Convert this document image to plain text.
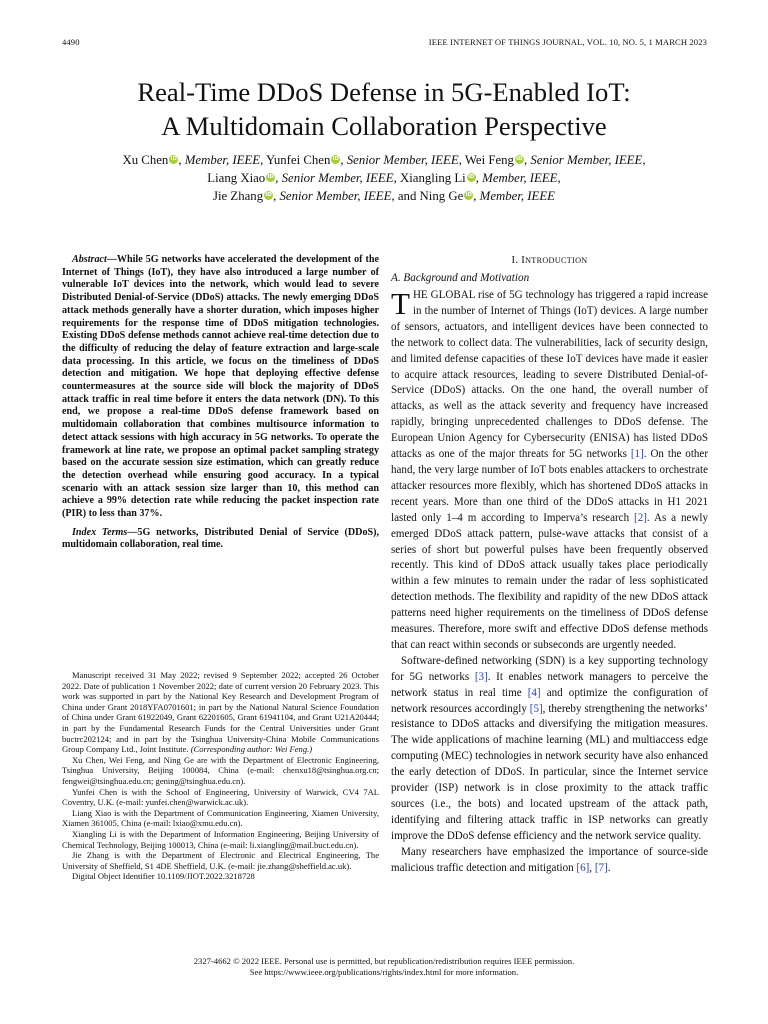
4490	IEEE INTERNET OF THINGS JOURNAL, VOL. 10, NO. 5, 1 MARCH 2023
Real-Time DDoS Defense in 5G-Enabled IoT:
A Multidomain Collaboration Perspective
Xu Chen iD, Member, IEEE, Yunfei Chen iD, Senior Member, IEEE, Wei Feng iD, Senior Member, IEEE,
Liang Xiao iD, Senior Member, IEEE, Xiangling Li iD, Member, IEEE,
Jie Zhang iD, Senior Member, IEEE, and Ning Ge iD, Member, IEEE

Abstract—While 5G networks have accelerated the development of the Internet of Things (IoT), they have also introduced a large number of vulnerable IoT devices into the network, which would lead to severe Distributed Denial-of-Service (DDoS) attacks. The newly emerging DDoS attack methods generally have a shorter duration, which imposes higher requirements for the response time of DDoS mitigation technologies. Existing DDoS defense methods cannot achieve real-time detection due to the difficulty of reducing the delay of feature extraction and large-scale data processing. In this article, we focus on the timeliness of DDoS detection and mitigation. We hope that deploying effective defense countermeasures at the source side will block the majority of DDoS attack traffic in real time before it enters the data network (DN). To this end, we propose a real-time DDoS defense framework based on multidomain collaboration that combines multisource information to detect attack sessions with high accuracy in 5G networks. To operate the framework at line rate, we propose an optimal packet sampling strategy based on the accurate session size estimation, which can greatly reduce the detection overhead while ensuring good accuracy. In a typical scenario with an attack session size larger than 10, this method can achieve a 99% detection rate while reducing the packet inspection rate (PIR) to less than 37%.

Index Terms—5G networks, Distributed Denial of Service (DDoS), multidomain collaboration, real time.

Manuscript received 31 May 2022; revised 9 September 2022; accepted 26 October 2022. Date of publication 1 November 2022; date of current version 20 February 2023. This work was supported in part by the National Key Research and Development Program of China under Grant 2018YFA0701601; in part by the National Natural Science Foundation of China under Grant 61922049, Grant 62201605, Grant 61941104, and Grant U21A20444; in part by the Fundamental Research Funds for the Central Universities under Grant buctrc202124; and in part by the Tsinghua University-China Mobile Communications Group Company Ltd., Joint Institute. (Corresponding author: Wei Feng.)

Xu Chen, Wei Feng, and Ning Ge are with the Department of Electronic Engineering, Tsinghua University, Beijing 100084, China (e-mail: chenxu18@tsinghua.org.cn; fengwei@tsinghua.edu.cn; gening@tsinghua.edu.cn).

Yunfei Chen is with the School of Engineering, University of Warwick, CV4 7AL Coventry, U.K. (e-mail: yunfei.chen@warwick.ac.uk).

Liang Xiao is with the Department of Communication Engineering, Xiamen University, Xiamen 361005, China (e-mail: lxiao@xmu.edu.cn).

Xiangling Li is with the Department of Information Engineering, Beijing University of Chemical Technology, Beijing 100013, China (e-mail: li.xiangling@mail.buct.edu.cn).

Jie Zhang is with the Department of Electronic and Electrical Engineering, The University of Sheffield, S1 4DE Sheffield, U.K. (e-mail: jie.zhang@sheffield.ac.uk).

Digital Object Identifier 10.1109/JIOT.2022.3218728

I. INTRODUCTION

A. Background and Motivation

THE GLOBAL rise of 5G technology has triggered a rapid increase in the number of Internet of Things (IoT) devices. A large number of sensors, actuators, and intelligent devices have been connected to the network to collect data. The vulnerabilities, lack of security design, and limited defense capacities of these IoT devices have made it easier to acquire attack resources, leading to severe Distributed Denial-of-Service (DDoS) attacks. On the one hand, the overall number of attacks, as well as the attack severity and frequency have increased rapidly, bringing unprecedented challenges to DDoS defense. The European Union Agency for Cybersecurity (ENISA) has listed DDoS attacks as one of the major threats for 5G networks [1]. On the other hand, the very large number of IoT bots enables attackers to orchestrate attacker resources more flexibly, which has shortened DDoS attacks in recent years. More than one third of the DDoS attacks in H1 2021 lasted only 1–4 m according to Imperva’s research [2]. As a newly emerged DDoS attack pattern, pulse-wave attacks that consist of a series of short but powerful pulses have been frequently observed recently. This kind of DDoS attack usually takes place periodically within a few minutes to remain under the radar of less sophisticated detection methods. The flexibility and rapidity of the new DDoS attack patterns need higher requirements on the timeliness of DDoS defense measures. Therefore, more swift and effective DDoS defense methods that can react within seconds or subseconds are urgently needed.

Software-defined networking (SDN) is a key supporting technology for 5G networks [3]. It enables network managers to perceive the network status in real time [4] and optimize the configuration of network resources accordingly [5], thereby strengthening the networks’ resistance to DDoS attacks and diversifying the mitigation measures. The wide applications of machine learning (ML) and multiaccess edge computing (MEC) technologies in network security have also enhanced the early detection of DDoS. In particular, since the Internet service provider (ISP) network is in close proximity to the attack traffic sources (i.e., the bots) and located upstream of the attack path, identifying and filtering attack traffic in ISP networks can greatly improve the DDoS defense efficiency and the network service quality.

Many researchers have emphasized the importance of source-side malicious traffic detection and mitigation [6], [7].

2327-4662 © 2022 IEEE. Personal use is permitted, but republication/redistribution requires IEEE permission.
See https://www.ieee.org/publications/rights/index.html for more information.
